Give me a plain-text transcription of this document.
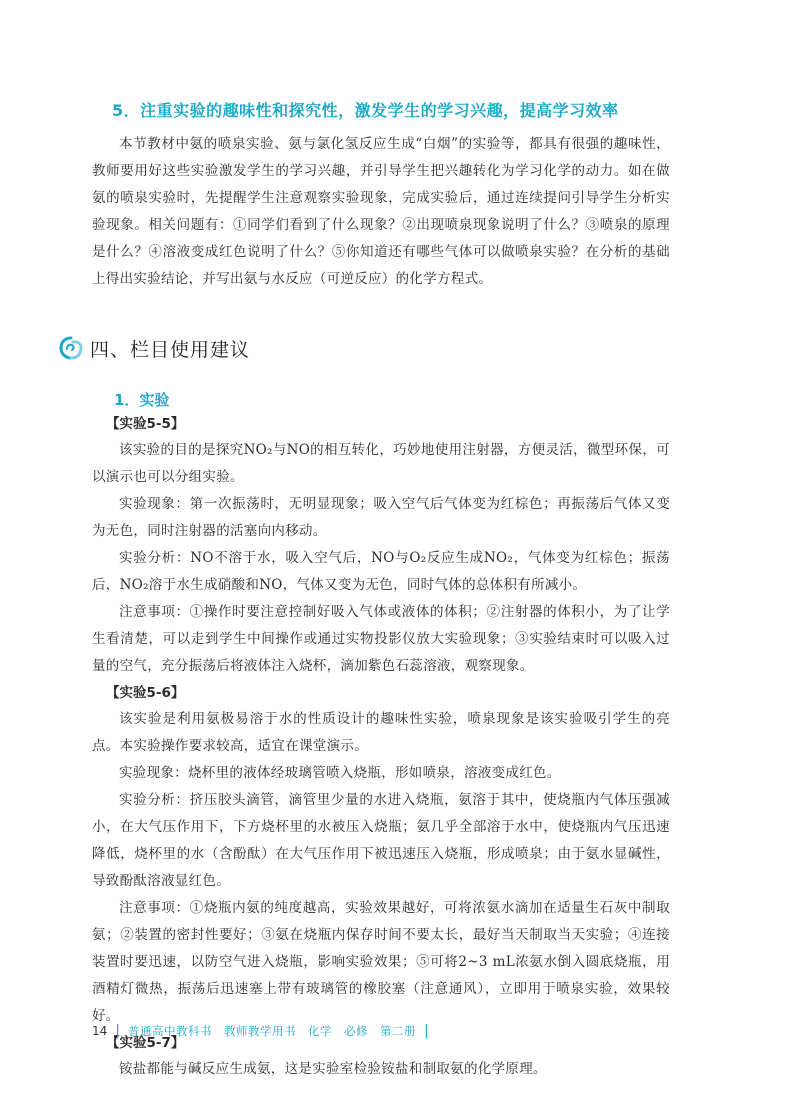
5．注重实验的趣味性和探究性，激发学生的学习兴趣，提高学习效率

本节教材中氨的喷泉实验、氨与氯化氢反应生成“白烟”的实验等，都具有很强的趣味性，教师要用好这些实验激发学生的学习兴趣，并引导学生把兴趣转化为学习化学的动力。如在做氨的喷泉实验时，先提醒学生注意观察实验现象，完成实验后，通过连续提问引导学生分析实验现象。相关问题有：①同学们看到了什么现象？②出现喷泉现象说明了什么？③喷泉的原理是什么？④溶液变成红色说明了什么？⑤你知道还有哪些气体可以做喷泉实验？在分析的基础上得出实验结论，并写出氨与水反应（可逆反应）的化学方程式。

四、栏目使用建议
1．实验
【实验5-5】

该实验的目的是探究NO₂与NO的相互转化，巧妙地使用注射器，方便灵活，微型环保，可以演示也可以分组实验。

实验现象：第一次振荡时，无明显现象；吸入空气后气体变为红棕色；再振荡后气体又变为无色，同时注射器的活塞向内移动。

实验分析：NO不溶于水，吸入空气后，NO与O₂反应生成NO₂，气体变为红棕色；振荡后，NO₂溶于水生成硝酸和NO，气体又变为无色，同时气体的总体积有所减小。

注意事项：①操作时要注意控制好吸入气体或液体的体积；②注射器的体积小，为了让学生看清楚，可以走到学生中间操作或通过实物投影仪放大实验现象；③实验结束时可以吸入过量的空气，充分振荡后将液体注入烧杯，滴加紫色石蕊溶液，观察现象。

【实验5-6】

该实验是利用氨极易溶于水的性质设计的趣味性实验，喷泉现象是该实验吸引学生的亮点。本实验操作要求较高，适宜在课堂演示。

实验现象：烧杯里的液体经玻璃管喷入烧瓶，形如喷泉，溶液变成红色。

实验分析：挤压胶头滴管，滴管里少量的水进入烧瓶，氨溶于其中，使烧瓶内气体压强减小，在大气压作用下，下方烧杯里的水被压入烧瓶；氨几乎全部溶于水中，使烧瓶内气压迅速降低，烧杯里的水（含酚酞）在大气压作用下被迅速压入烧瓶，形成喷泉；由于氨水显碱性，导致酚酞溶液显红色。

注意事项：①烧瓶内氨的纯度越高，实验效果越好，可将浓氨水滴加在适量生石灰中制取氨；②装置的密封性要好；③氨在烧瓶内保存时间不要太长，最好当天制取当天实验；④连接装置时要迅速，以防空气进入烧瓶，影响实验效果；⑤可将2~3 mL浓氨水倒入圆底烧瓶，用酒精灯微热，振荡后迅速塞上带有玻璃管的橡胶塞（注意通风），立即用于喷泉实验，效果较好。

【实验5-7】

铵盐都能与碱反应生成氨，这是实验室检验铵盐和制取氨的化学原理。

14 | 普通高中教科书　教师教学用书　化学　必修　第二册 |
